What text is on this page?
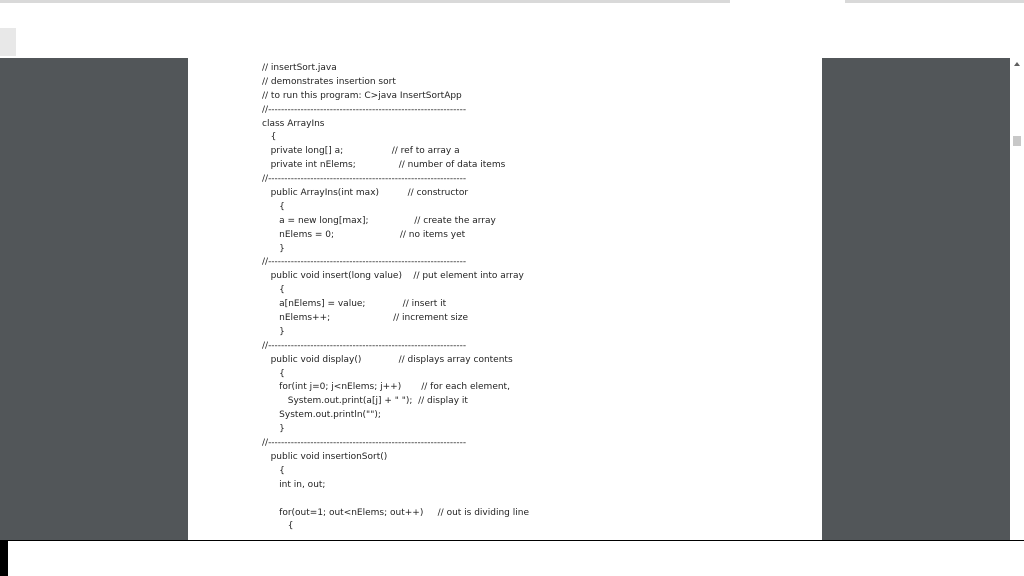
// insertSort.java
// demonstrates insertion sort
// to run this program: C>java InsertSortApp
//-------------------------------------------------------------
class ArrayIns
{
private long[] a;                 // ref to array a
private int nElems;               // number of data items
//-------------------------------------------------------------
public ArrayIns(int max)          // constructor
{
a = new long[max];                // create the array
nElems = 0;                       // no items yet
}
//-------------------------------------------------------------
public void insert(long value)    // put element into array
{
a[nElems] = value;             // insert it
nElems++;                      // increment size
}
//-------------------------------------------------------------
public void display()             // displays array contents
{
for(int j=0; j<nElems; j++)       // for each element,
System.out.print(a[j] + " ");  // display it
System.out.println("");
}
//-------------------------------------------------------------
public void insertionSort()
{
int in, out;
for(out=1; out<nElems; out++)     // out is dividing line
{
